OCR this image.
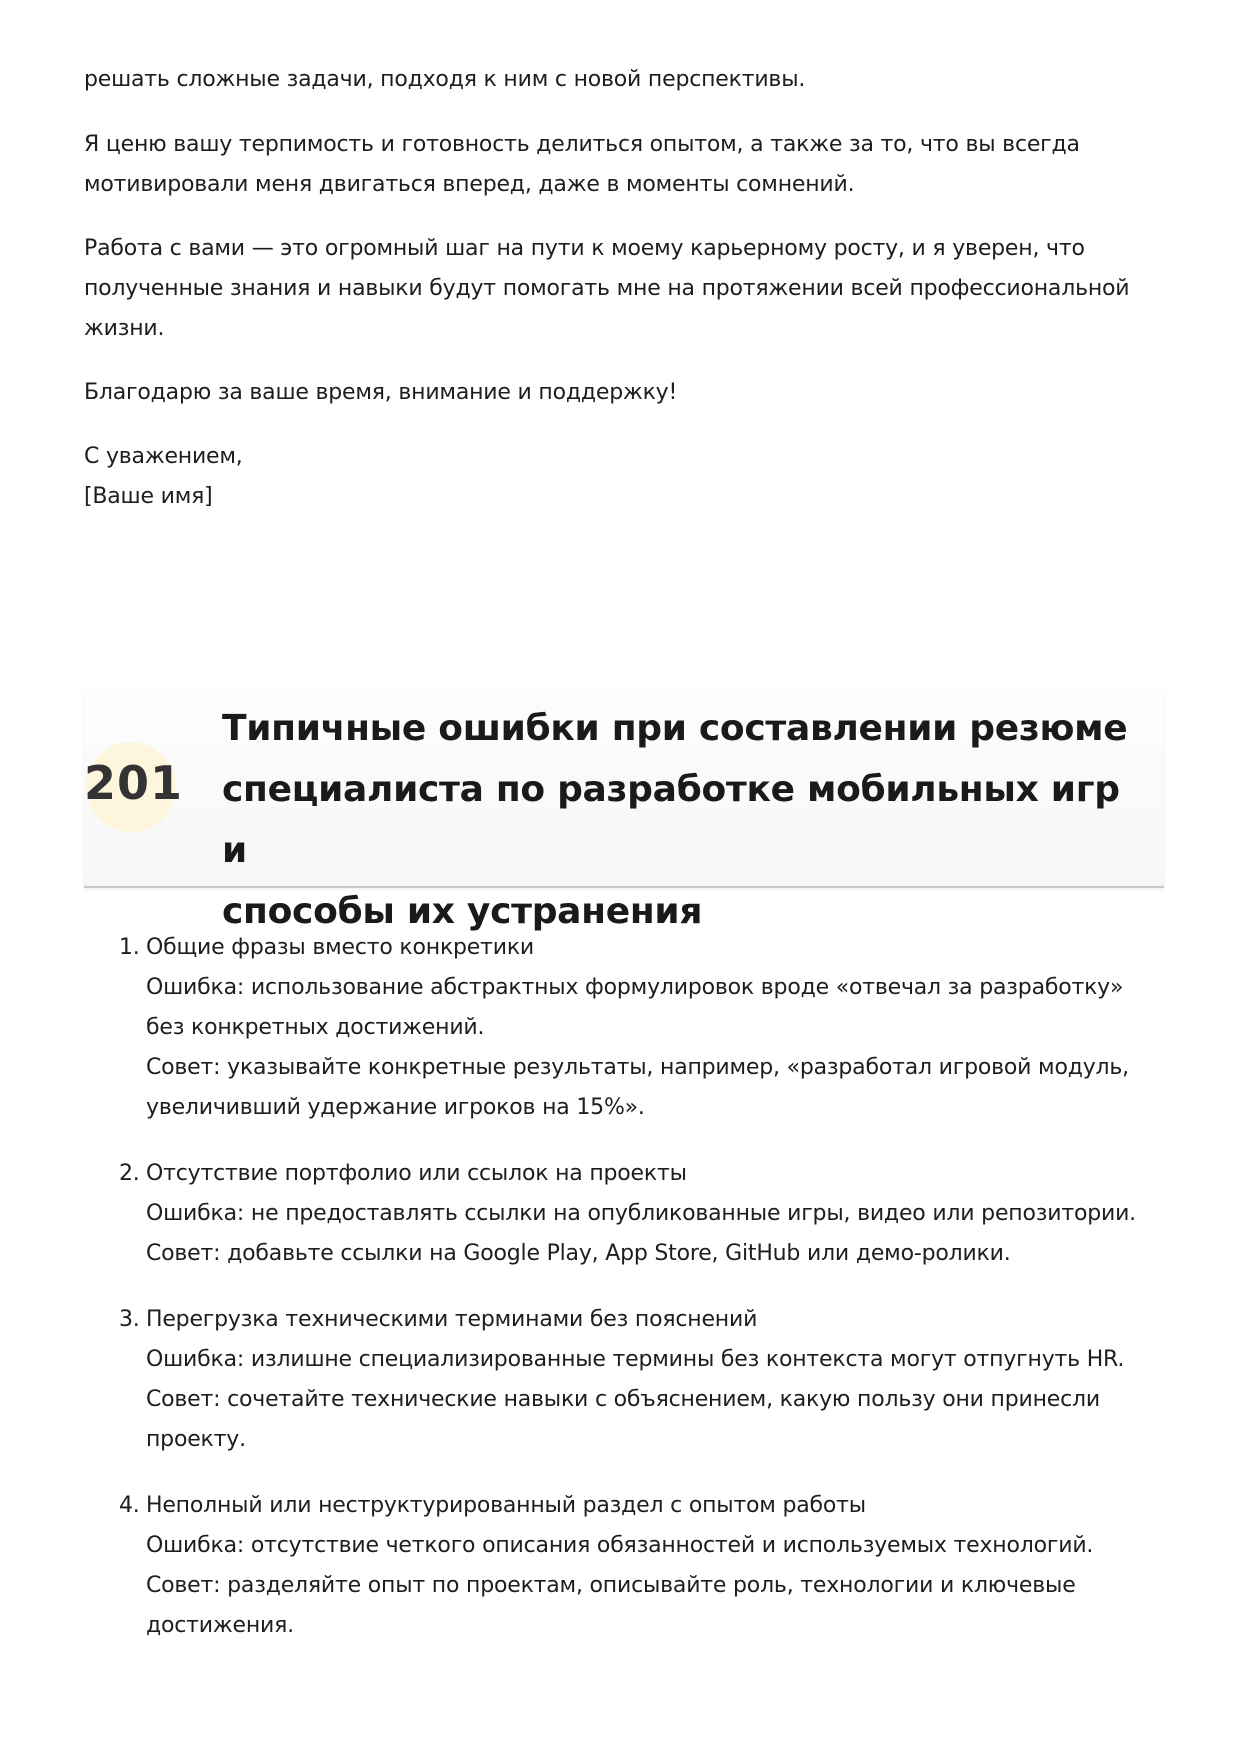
решать сложные задачи, подходя к ним с новой перспективы.

Я ценю вашу терпимость и готовность делиться опытом, а также за то, что вы всегда
мотивировали меня двигаться вперед, даже в моменты сомнений.

Работа с вами — это огромный шаг на пути к моему карьерному росту, и я уверен, что
полученные знания и навыки будут помогать мне на протяжении всей профессиональной
жизни.

Благодарю за ваше время, внимание и поддержку!

С уважением,
[Ваше имя]

201
Типичные ошибки при составлении резюме
специалиста по разработке мобильных игр и
способы их устранения
1. Общие фразы вместо конкретики
Ошибка: использование абстрактных формулировок вроде «отвечал за разработку»
без конкретных достижений.
Совет: указывайте конкретные результаты, например, «разработал игровой модуль,
увеличивший удержание игроков на 15%».
2. Отсутствие портфолио или ссылок на проекты
Ошибка: не предоставлять ссылки на опубликованные игры, видео или репозитории.
Совет: добавьте ссылки на Google Play, App Store, GitHub или демо-ролики.
3. Перегрузка техническими терминами без пояснений
Ошибка: излишне специализированные термины без контекста могут отпугнуть HR.
Совет: сочетайте технические навыки с объяснением, какую пользу они принесли
проекту.
4. Неполный или неструктурированный раздел с опытом работы
Ошибка: отсутствие четкого описания обязанностей и используемых технологий.
Совет: разделяйте опыт по проектам, описывайте роль, технологии и ключевые
достижения.
